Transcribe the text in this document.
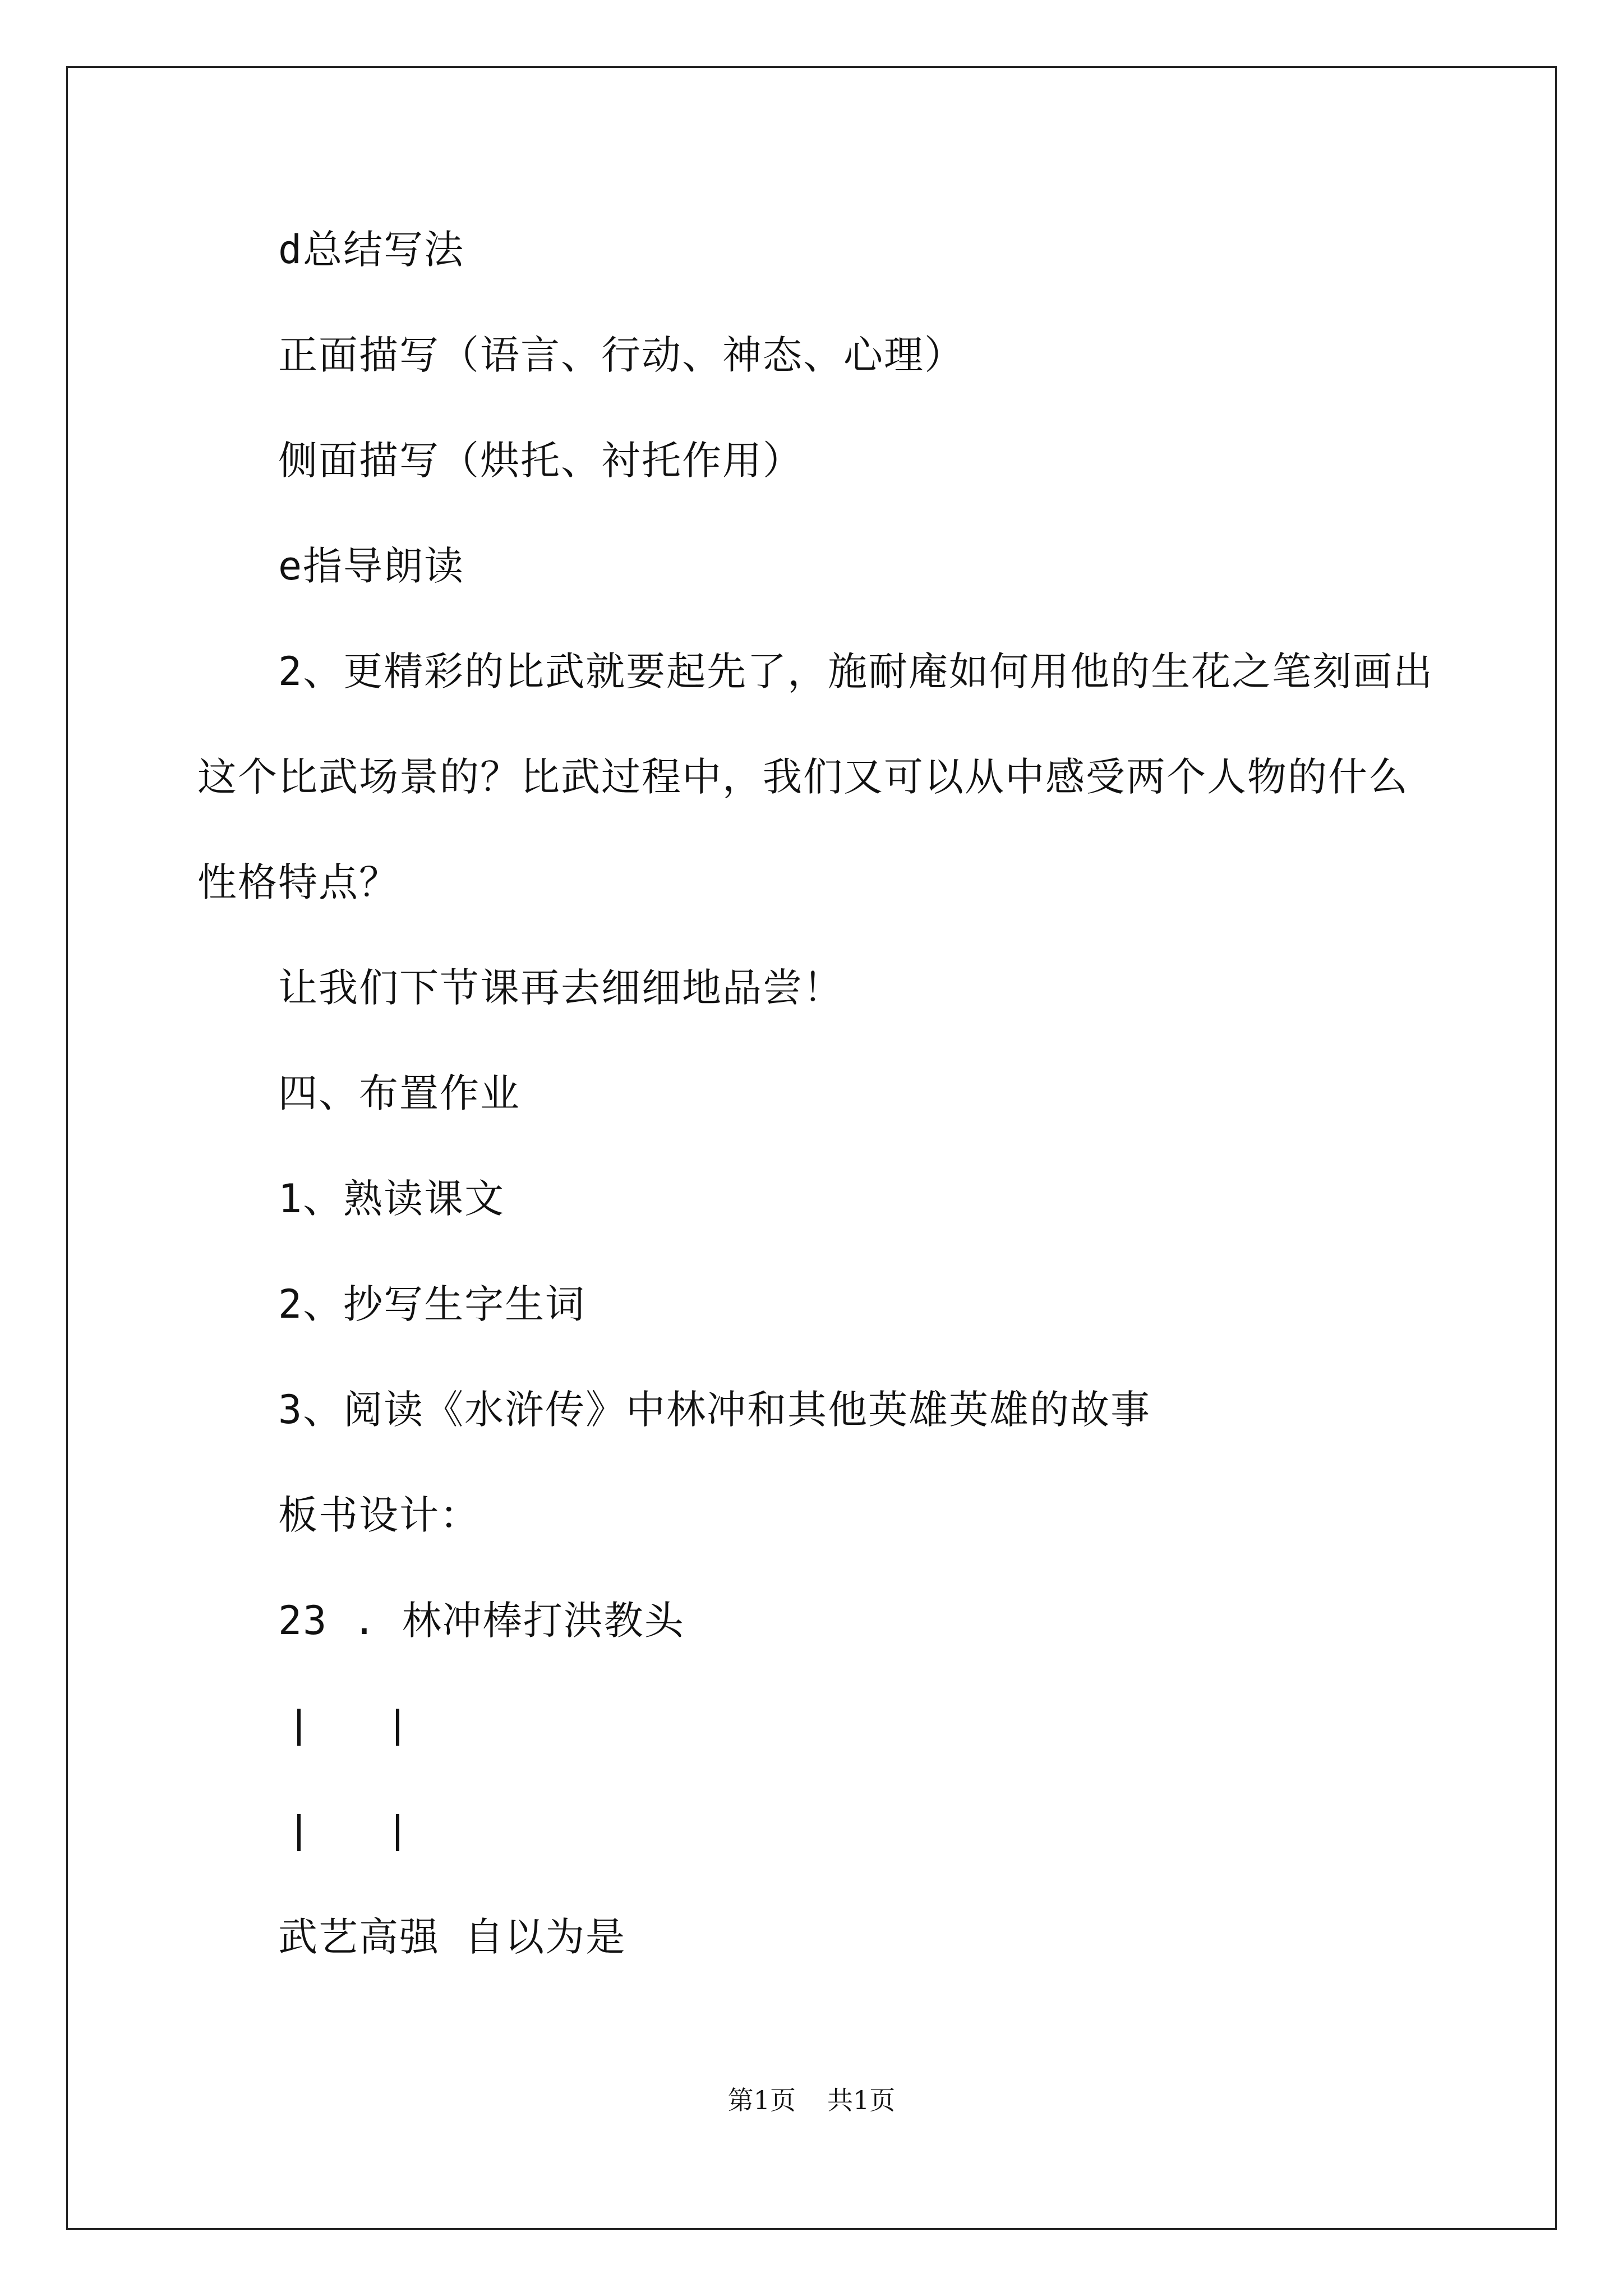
d总结写法
正面描写（语言、行动、神态、心理）
侧面描写（烘托、衬托作用）
e指导朗读
2、更精彩的比武就要起先了，施耐庵如何用他的生花之笔刻画出
这个比武场景的？比武过程中，我们又可以从中感受两个人物的什么
性格特点？
让我们下节课再去细细地品尝！
四、布置作业
1、熟读课文
2、抄写生字生词
3、阅读《水浒传》中林冲和其他英雄英雄的故事
板书设计：
23 . 林冲棒打洪教头
武艺高强 自以为是
第1页 共1页
